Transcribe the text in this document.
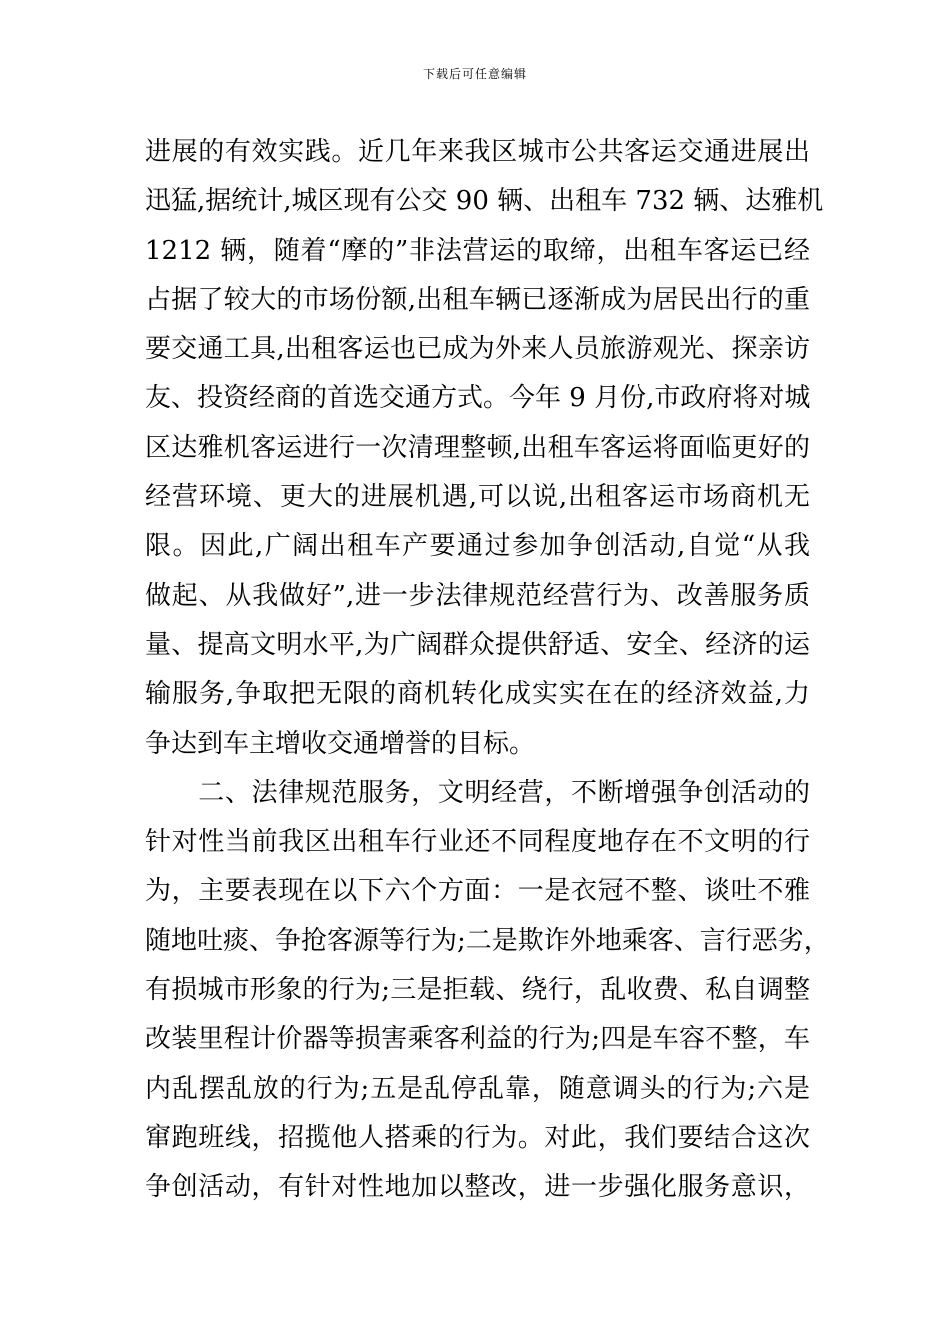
下载后可任意编辑
进展的有效实践。近几年来我区城市公共客运交通进展出
迅猛,据统计,城区现有公交 90 辆、出租车 732 辆、达雅机
1212 辆，随着“摩的”非法营运的取缔，出租车客运已经
占据了较大的市场份额,出租车辆已逐渐成为居民出行的重
要交通工具,出租客运也已成为外来人员旅游观光、探亲访
友、投资经商的首选交通方式。今年 9 月份,市政府将对城
区达雅机客运进行一次清理整顿,出租车客运将面临更好的
经营环境、更大的进展机遇,可以说,出租客运市场商机无
限。因此,广阔出租车产要通过参加争创活动,自觉“从我
做起、从我做好”,进一步法律规范经营行为、改善服务质
量、提高文明水平,为广阔群众提供舒适、安全、经济的运
输服务,争取把无限的商机转化成实实在在的经济效益,力
争达到车主增收交通增誉的目标。
　　二、法律规范服务，文明经营，不断增强争创活动的
针对性当前我区出租车行业还不同程度地存在不文明的行
为，主要表现在以下六个方面：一是衣冠不整、谈吐不雅
随地吐痰、争抢客源等行为;二是欺诈外地乘客、言行恶劣，
有损城市形象的行为;三是拒载、绕行，乱收费、私自调整
改装里程计价器等损害乘客利益的行为;四是车容不整，车
内乱摆乱放的行为;五是乱停乱靠，随意调头的行为;六是
窜跑班线，招揽他人搭乘的行为。对此，我们要结合这次
争创活动，有针对性地加以整改，进一步强化服务意识，
